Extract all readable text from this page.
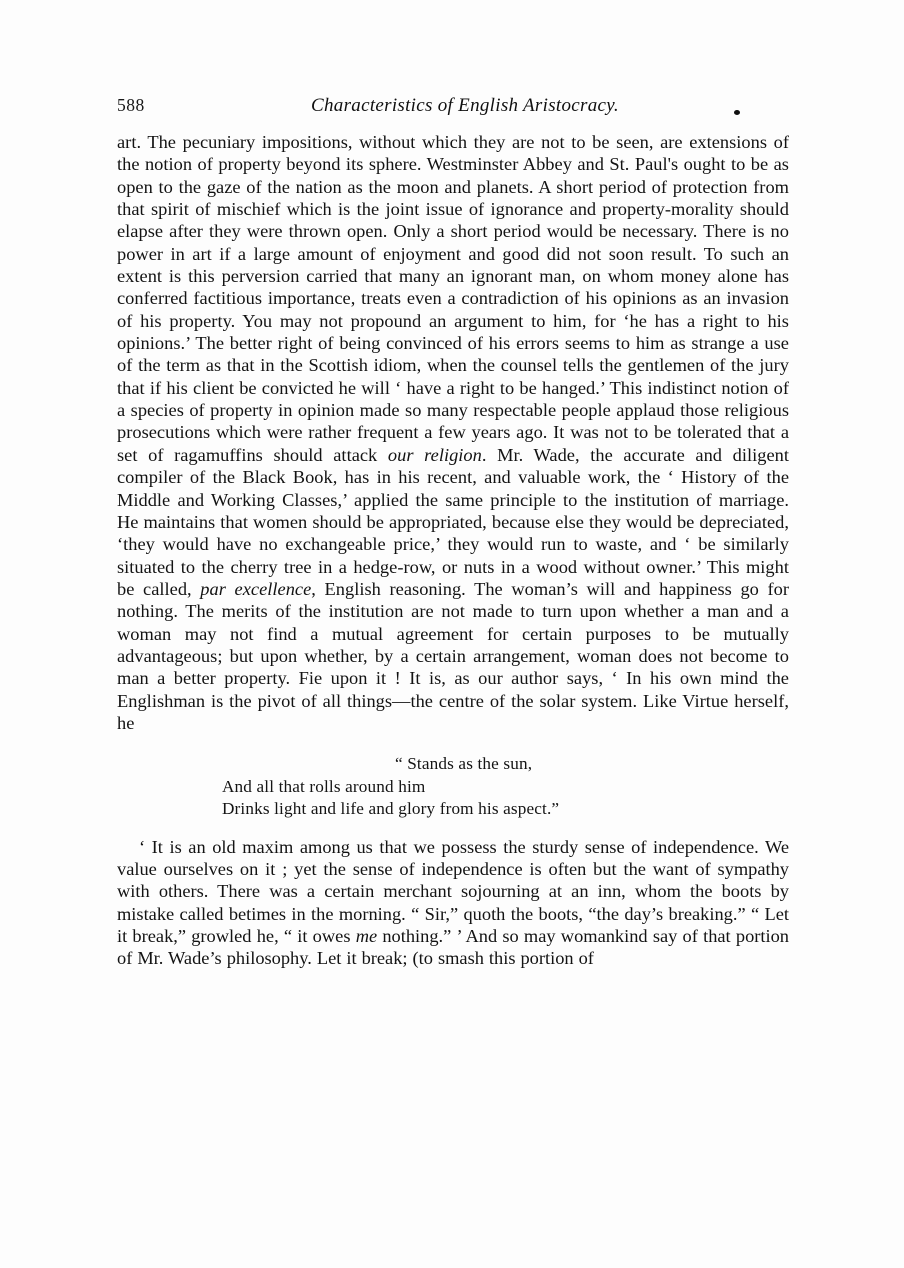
588	Characteristics of English Aristocracy.

art. The pecuniary impositions, without which they are not to be seen, are extensions of the notion of property beyond its sphere. Westminster Abbey and St. Paul's ought to be as open to the gaze of the nation as the moon and planets. A short period of protection from that spirit of mischief which is the joint issue of ignorance and property-morality should elapse after they were thrown open. Only a short period would be necessary. There is no power in art if a large amount of enjoyment and good did not soon result. To such an extent is this perversion carried that many an ignorant man, on whom money alone has conferred factitious importance, treats even a contradiction of his opinions as an invasion of his property. You may not propound an argument to him, for ‘he has a right to his opinions.’ The better right of being convinced of his errors seems to him as strange a use of the term as that in the Scottish idiom, when the counsel tells the gentlemen of the jury that if his client be convicted he will ‘ have a right to be hanged.’ This indistinct notion of a species of property in opinion made so many respectable people applaud those religious prosecutions which were rather frequent a few years ago. It was not to be tolerated that a set of ragamuffins should attack our religion. Mr. Wade, the accurate and diligent compiler of the Black Book, has in his recent, and valuable work, the ‘ History of the Middle and Working Classes,’ applied the same principle to the institution of marriage. He maintains that women should be appropriated, because else they would be depreciated, ‘they would have no exchangeable price,’ they would run to waste, and ‘ be similarly situated to the cherry tree in a hedge-row, or nuts in a wood without owner.’ This might be called, par excellence, English reasoning. The woman’s will and happiness go for nothing. The merits of the institution are not made to turn upon whether a man and a woman may not find a mutual agreement for certain purposes to be mutually advantageous; but upon whether, by a certain arrangement, woman does not become to man a better property. Fie upon it ! It is, as our author says, ‘ In his own mind the Englishman is the pivot of all things—the centre of the solar system. Like Virtue herself, he

“ Stands as the sun,
And all that rolls around him
Drinks light and life and glory from his aspect.”

‘ It is an old maxim among us that we possess the sturdy sense of independence. We value ourselves on it ; yet the sense of independence is often but the want of sympathy with others. There was a certain merchant sojourning at an inn, whom the boots by mistake called betimes in the morning. “ Sir,” quoth the boots, “the day’s breaking.” “ Let it break,” growled he, “ it owes me nothing.” ’ And so may womankind say of that portion of Mr. Wade’s philosophy. Let it break; (to smash this portion of
